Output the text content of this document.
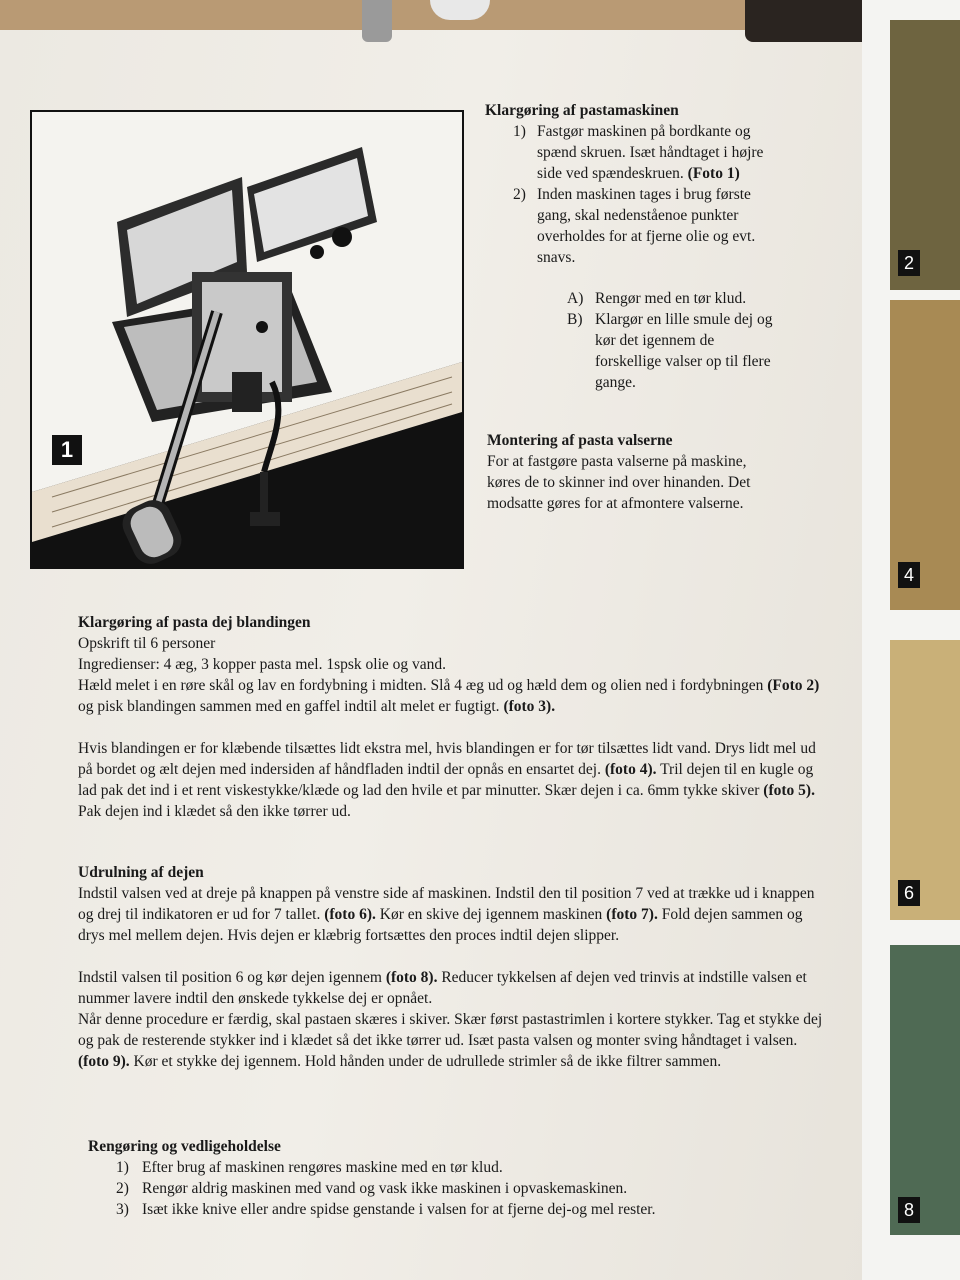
2
4
6
8
1
Klargøring af pastamaskinen
1) Fastgør maskinen på bordkante og spænd skruen. Isæt håndtaget i højre side ved spændeskruen. (Foto 1)
2) Inden maskinen tages i brug første gang, skal nedenståenoe punkter overholdes for at fjerne olie og evt. snavs.
A) Rengør med en tør klud.
B) Klargør en lille smule dej og kør det igennem de forskellige valser op til flere gange.
Montering af pasta valserne

For at fastgøre pasta valserne på maskine, køres de to skinner ind over hinanden. Det modsatte gøres for at afmontere valserne.

Klargøring af pasta dej blandingen

Opskrift til 6 personer

Ingredienser: 4 æg, 3 kopper pasta mel. 1spsk olie og vand.

Hæld melet i en røre skål og lav en fordybning i midten. Slå 4 æg ud og hæld dem og olien ned i fordybningen (Foto 2) og pisk blandingen sammen med en gaffel indtil alt melet er fugtigt. (foto 3).

Hvis blandingen er for klæbende tilsættes lidt ekstra mel, hvis blandingen er for tør tilsættes lidt vand. Drys lidt mel ud på bordet og ælt dejen med indersiden af håndfladen indtil der opnås en ensartet dej. (foto 4). Tril dejen til en kugle og lad pak det ind i et rent viskestykke/klæde og lad den hvile et par minutter. Skær dejen i ca. 6mm tykke skiver (foto 5). Pak dejen ind i klædet så den ikke tørrer ud.

Udrulning af dejen

Indstil valsen ved at dreje på knappen på venstre side af maskinen. Indstil den til position 7 ved at trække ud i knappen og drej til indikatoren er ud for 7 tallet. (foto 6). Kør en skive dej igennem maskinen (foto 7). Fold dejen sammen og drys mel mellem dejen. Hvis dejen er klæbrig fortsættes den proces indtil dejen slipper.

Indstil valsen til position 6 og kør dejen igennem (foto 8). Reducer tykkelsen af dejen ved trinvis at indstille valsen et nummer lavere indtil den ønskede tykkelse dej er opnået.

Når denne procedure er færdig, skal pastaen skæres i skiver. Skær først pastastrimlen i kortere stykker. Tag et stykke dej og pak de resterende stykker ind i klædet så det ikke tørrer ud. Isæt pasta valsen og monter sving håndtaget i valsen. (foto 9). Kør et stykke dej igennem. Hold hånden under de udrullede strimler så de ikke filtrer sammen.

Rengøring og vedligeholdelse
1) Efter brug af maskinen rengøres maskine med en tør klud.
2) Rengør aldrig maskinen med vand og vask ikke maskinen i opvaskemaskinen.
3) Isæt ikke knive eller andre spidse genstande i valsen for at fjerne dej-og mel rester.
